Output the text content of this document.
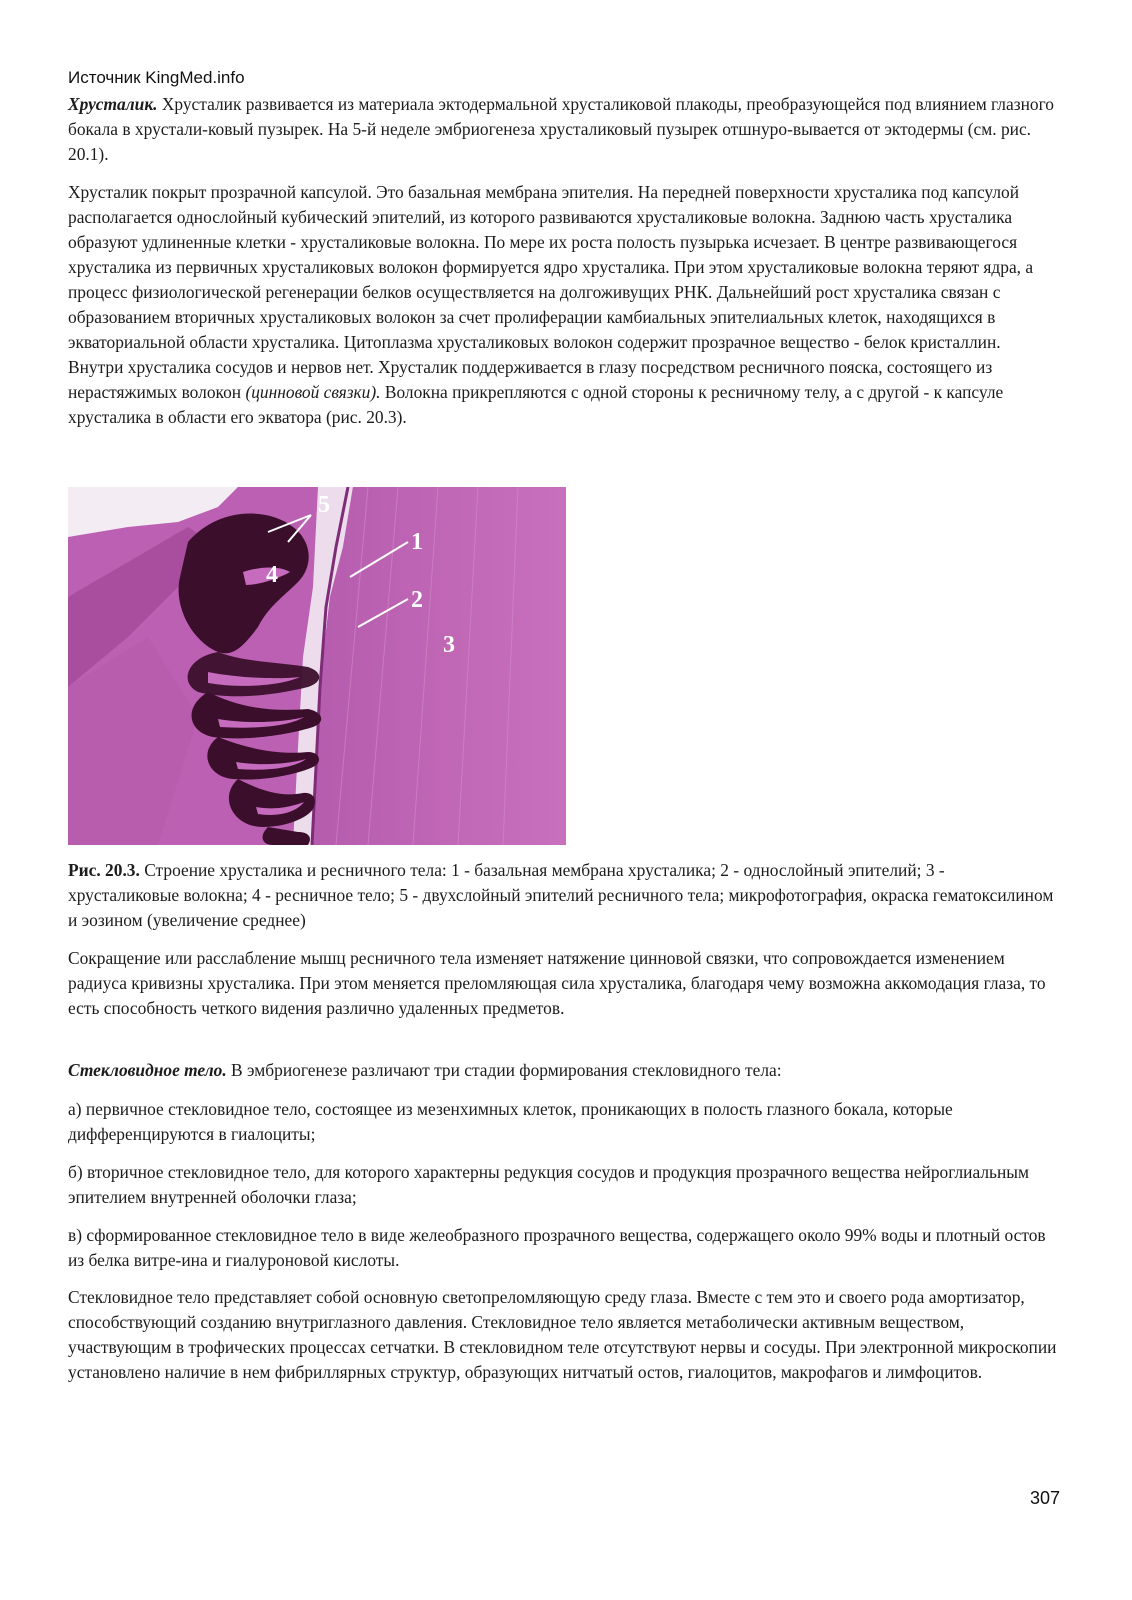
Источник KingMed.info

Хрусталик. Хрусталик развивается из материала эктодермальной хрусталиковой плакоды, преобразующейся под влиянием глазного бокала в хрустали-ковый пузырек. На 5-й неделе эмбриогенеза хрусталиковый пузырек отшнуро-вывается от эктодермы (см. рис. 20.1).

Хрусталик покрыт прозрачной капсулой. Это базальная мембрана эпителия. На передней поверхности хрусталика под капсулой располагается однослойный кубический эпителий, из которого развиваются хрусталиковые волокна. Заднюю часть хрусталика образуют удлиненные клетки - хрусталиковые волокна. По мере их роста полость пузырька исчезает. В центре развивающегося хрусталика из первичных хрусталиковых волокон формируется ядро хрусталика. При этом хрусталиковые волокна теряют ядра, а процесс физиологической регенерации белков осуществляется на долгоживущих РНК. Дальнейший рост хрусталика связан с образованием вторичных хрусталиковых волокон за счет пролиферации камбиальных эпителиальных клеток, находящихся в экваториальной области хрусталика. Цитоплазма хрусталиковых волокон содержит прозрачное вещество - белок кристаллин. Внутри хрусталика сосудов и нервов нет. Хрусталик поддерживается в глазу посредством ресничного пояска, состоящего из нерастяжимых волокон (цинновой связки). Волокна прикрепляются с одной стороны к ресничному телу, а с другой - к капсуле хрусталика в области его экватора (рис. 20.3).

5
1
2
3
4

Рис. 20.3. Строение хрусталика и ресничного тела: 1 - базальная мембрана хрусталика; 2 - однослойный эпителий; 3 - хрусталиковые волокна; 4 - ресничное тело; 5 - двухслойный эпителий ресничного тела; микрофотография, окраска гематоксилином и эозином (увеличение среднее)

Сокращение или расслабление мышц ресничного тела изменяет натяжение цинновой связки, что сопровождается изменением радиуса кривизны хрусталика. При этом меняется преломляющая сила хрусталика, благодаря чему возможна аккомодация глаза, то есть способность четкого видения различно удаленных предметов.

Стекловидное тело. В эмбриогенезе различают три стадии формирования стекловидного тела:

а) первичное стекловидное тело, состоящее из мезенхимных клеток, проникающих в полость глазного бокала, которые дифференцируются в гиалоциты;

б) вторичное стекловидное тело, для которого характерны редукция сосудов и продукция прозрачного вещества нейроглиальным эпителием внутренней оболочки глаза;

в) сформированное стекловидное тело в виде желеобразного прозрачного вещества, содержащего около 99% воды и плотный остов из белка витре-ина и гиалуроновой кислоты.

Стекловидное тело представляет собой основную светопреломляющую среду глаза. Вместе с тем это и своего рода амортизатор, способствующий созданию внутриглазного давления. Стекловидное тело является метаболически активным веществом, участвующим в трофических процессах сетчатки. В стекловидном теле отсутствуют нервы и сосуды. При электронной микроскопии установлено наличие в нем фибриллярных структур, образующих нитчатый остов, гиалоцитов, макрофагов и лимфоцитов.

307
